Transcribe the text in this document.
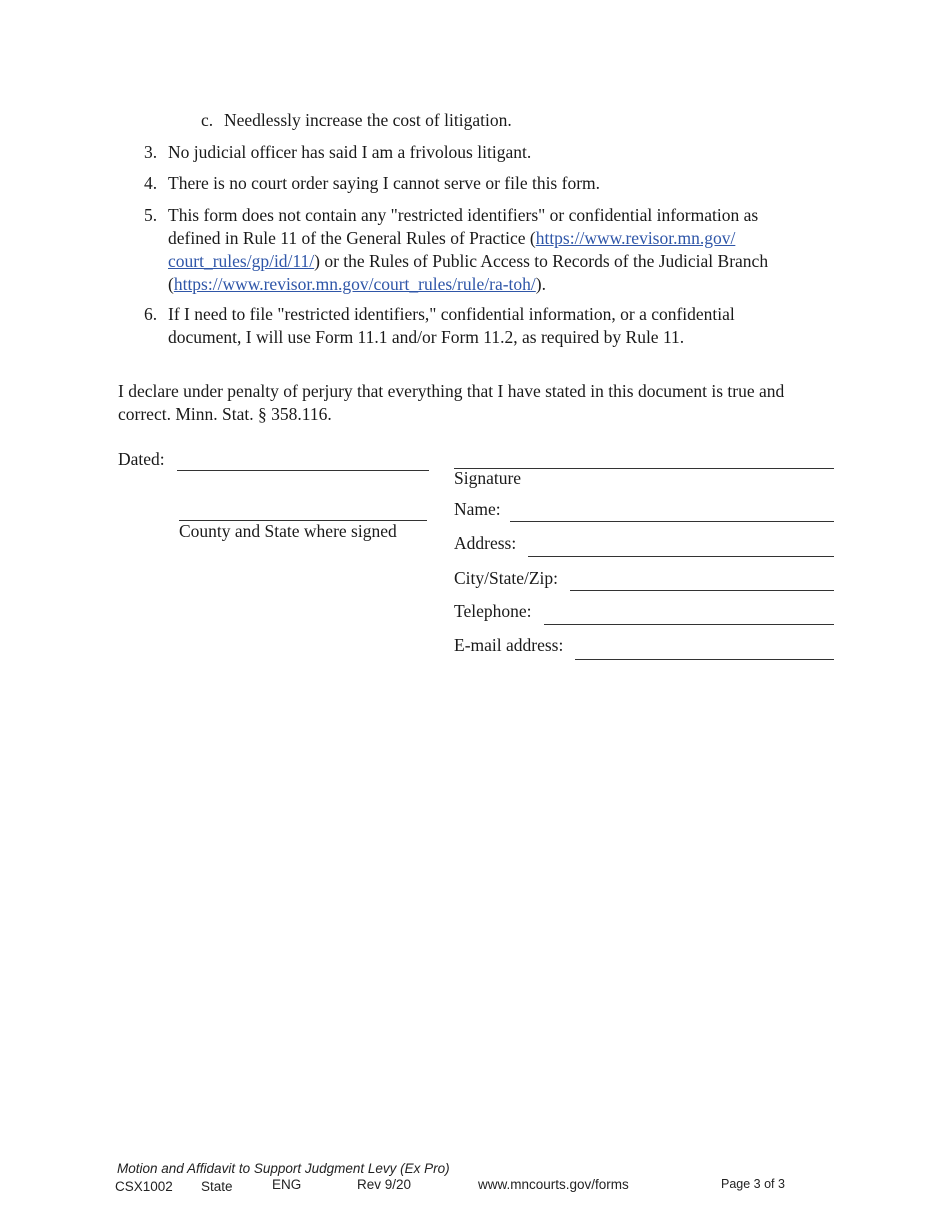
c. Needlessly increase the cost of litigation.
3. No judicial officer has said I am a frivolous litigant.
4. There is no court order saying I cannot serve or file this form.
5. This form does not contain any "restricted identifiers" or confidential information as
defined in Rule 11 of the General Rules of Practice (https://www.revisor.mn.gov/
court_rules/gp/id/11/) or the Rules of Public Access to Records of the Judicial Branch
(https://www.revisor.mn.gov/court_rules/rule/ra-toh/).
6. If I need to file "restricted identifiers," confidential information, or a confidential
document, I will use Form 11.1 and/or Form 11.2, as required by Rule 11.
I declare under penalty of perjury that everything that I have stated in this document is true and
correct. Minn. Stat. § 358.116.
Dated:
County and State where signed
Signature
Name:
Address:
City/State/Zip:
Telephone:
E-mail address:
Motion and Affidavit to Support Judgment Levy (Ex Pro)
CSX1002 State	ENG	Rev 9/20	www.mncourts.gov/forms	Page 3 of 3
